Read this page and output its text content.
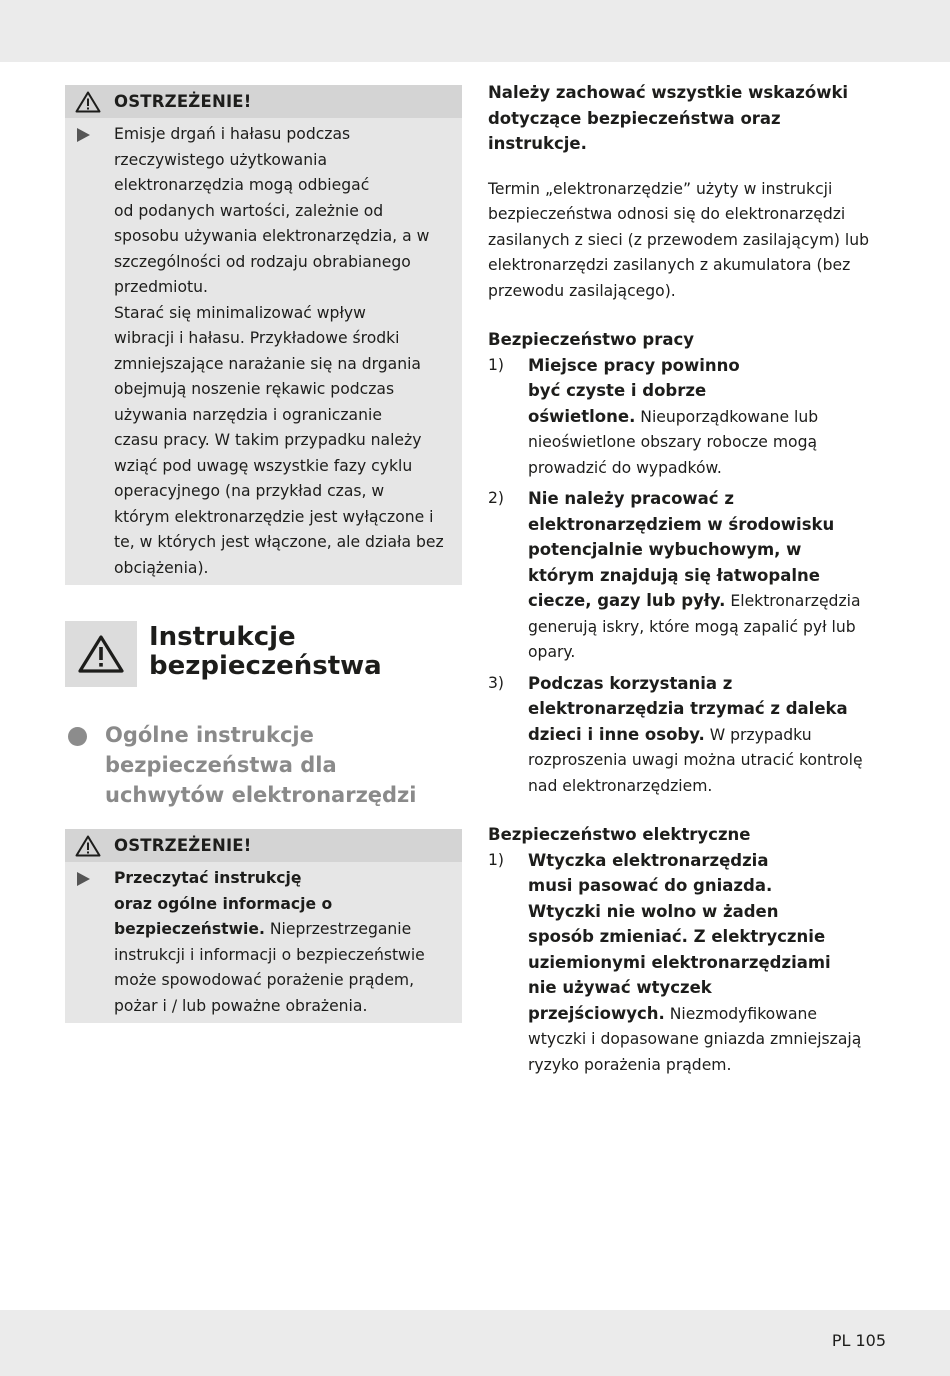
OSTRZEŻENIE!

Emisje drgań i hałasu podczas

rzeczywistego użytkowania

elektronarzędzia mogą odbiegać

od podanych wartości, zależnie od

sposobu używania elektronarzędzia, a w

szczególności od rodzaju obrabianego

przedmiotu.

Starać się minimalizować wpływ

wibracji i hałasu. Przykładowe środki

zmniejszające narażanie się na drgania

obejmują noszenie rękawic podczas

używania narzędzia i ograniczanie

czasu pracy. W takim przypadku należy

wziąć pod uwagę wszystkie fazy cyklu

operacyjnego (na przykład czas, w

którym elektronarzędzie jest wyłączone i

te, w których jest włączone, ale działa bez

obciążenia).

Instrukcje
bezpieczeństwa
Ogólne instrukcje
bezpieczeństwa dla
uchwytów elektronarzędzi
OSTRZEŻENIE!

Przeczytać instrukcję

oraz ogólne informacje o

bezpieczeństwie. Nieprzestrzeganie

instrukcji i informacji o bezpieczeństwie

może spowodować porażenie prądem,

pożar i / lub poważne obrażenia.

Należy zachować wszystkie wskazówki
dotyczące bezpieczeństwa oraz
instrukcje.
Termin „elektronarzędzie” użyty w instrukcji
bezpieczeństwa odnosi się do elektronarzędzi
zasilanych z sieci (z przewodem zasilającym) lub
elektronarzędzi zasilanych z akumulatora (bez
przewodu zasilającego).
Bezpieczeństwo pracy
1)	Miejsce pracy powinno
być czyste i dobrze
oświetlone. Nieuporządkowane lub
nieoświetlone obszary robocze mogą
prowadzić do wypadków.
2)	Nie należy pracować z
elektronarzędziem w środowisku
potencjalnie wybuchowym, w
którym znajdują się łatwopalne
ciecze, gazy lub pyły. Elektronarzędzia
generują iskry, które mogą zapalić pył lub
opary.
3)	Podczas korzystania z
elektronarzędzia trzymać z daleka
dzieci i inne osoby. W przypadku
rozproszenia uwagi można utracić kontrolę
nad elektronarzędziem.
Bezpieczeństwo elektryczne
1)	Wtyczka elektronarzędzia
musi pasować do gniazda.
Wtyczki nie wolno w żaden
sposób zmieniać. Z elektrycznie
uziemionymi elektronarzędziami
nie używać wtyczek
przejściowych. Niezmodyfikowane
wtyczki i dopasowane gniazda zmniejszają
ryzyko porażenia prądem.
PL 105
